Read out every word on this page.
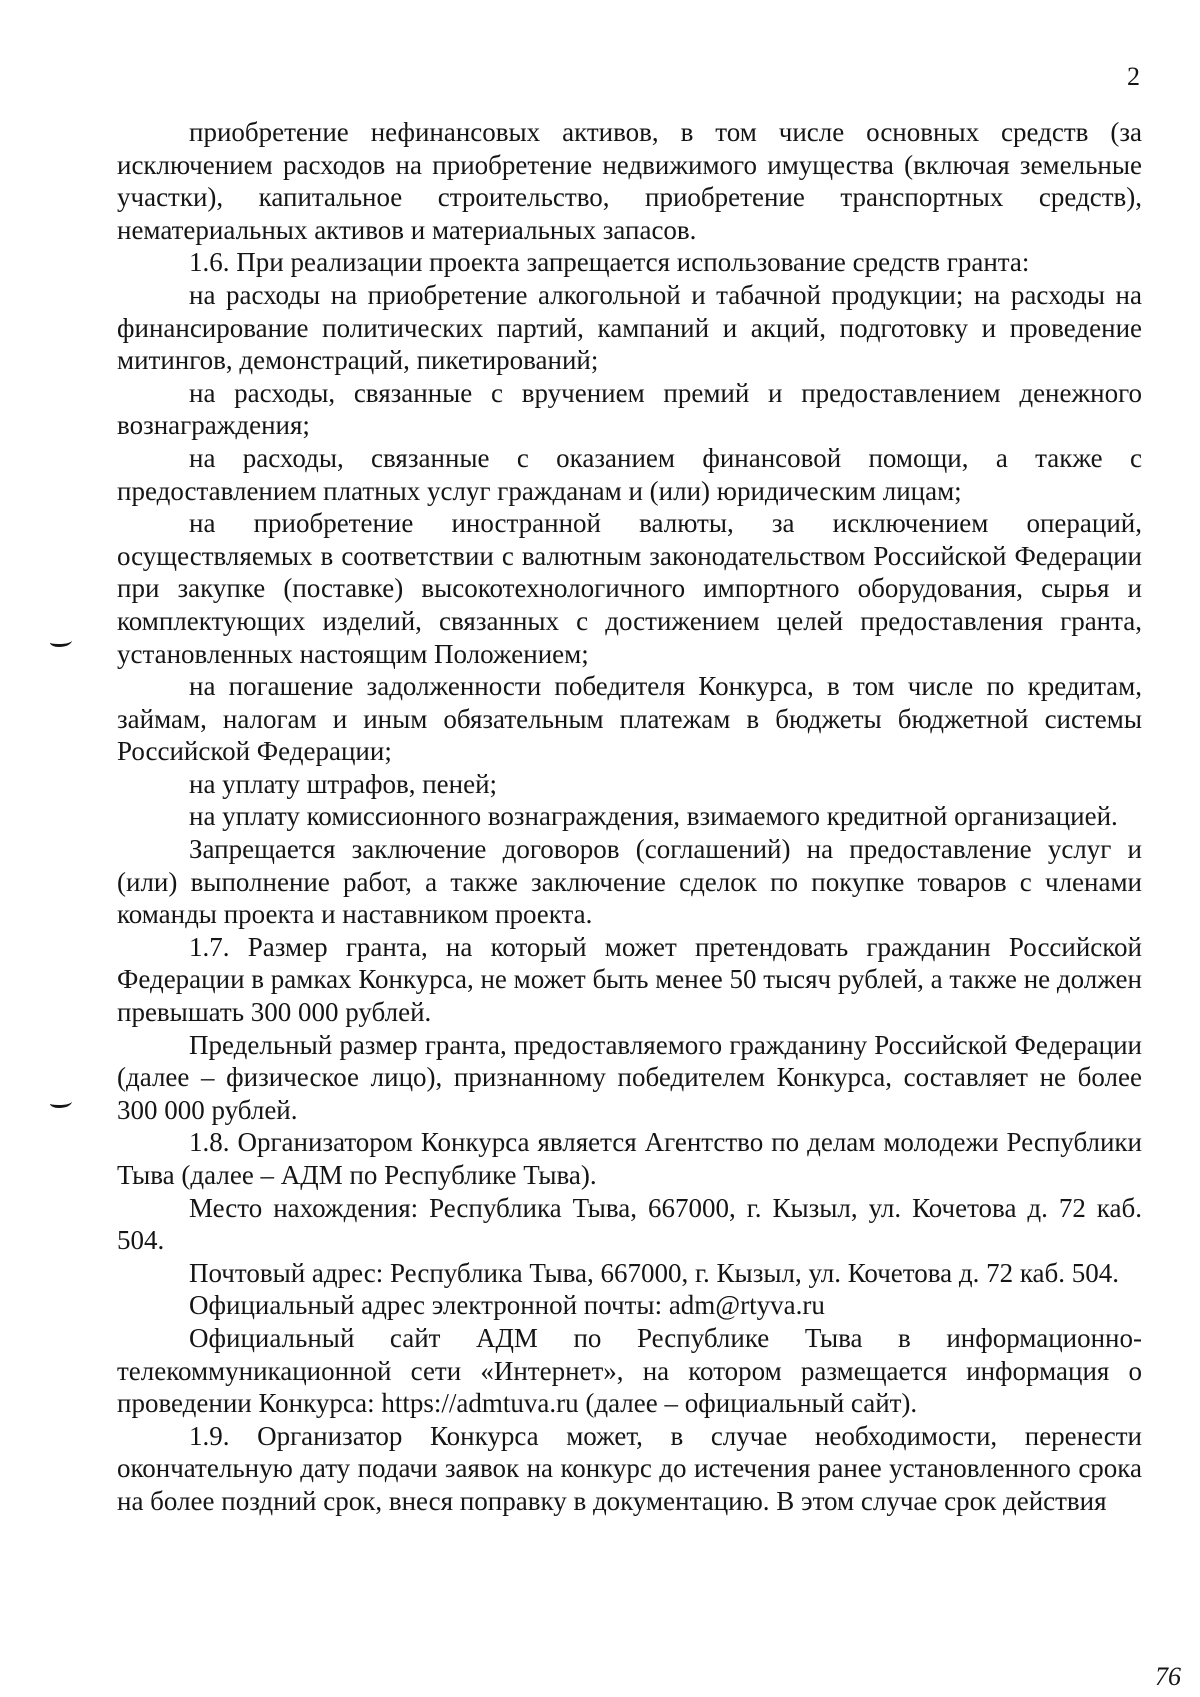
2

приобретение нефинансовых активов, в том числе основных средств (за исключением расходов на приобретение недвижимого имущества (включая земельные участки), капитальное строительство, приобретение транспортных средств), нематериальных активов и материальных запасов.

1.6. При реализации проекта запрещается использование средств гранта:

на расходы на приобретение алкогольной и табачной продукции; на расходы на финансирование политических партий, кампаний и акций, подготовку и проведение митингов, демонстраций, пикетирований;

на расходы, связанные с вручением премий и предоставлением денежного вознаграждения;

на расходы, связанные с оказанием финансовой помощи, а также с предоставлением платных услуг гражданам и (или) юридическим лицам;

на приобретение иностранной валюты, за исключением операций, осуществляемых в соответствии с валютным законодательством Российской Федерации при закупке (поставке) высокотехнологичного импортного оборудования, сырья и комплектующих изделий, связанных с достижением целей предоставления гранта, установленных настоящим Положением;

на погашение задолженности победителя Конкурса, в том числе по кредитам, займам, налогам и иным обязательным платежам в бюджеты бюджетной системы Российской Федерации;

на уплату штрафов, пеней;

на уплату комиссионного вознаграждения, взимаемого кредитной организацией.

Запрещается заключение договоров (соглашений) на предоставление услуг и (или) выполнение работ, а также заключение сделок по покупке товаров с членами команды проекта и наставником проекта.

1.7. Размер гранта, на который может претендовать гражданин Российской Федерации в рамках Конкурса, не может быть менее 50 тысяч рублей, а также не должен превышать 300 000 рублей.

Предельный размер гранта, предоставляемого гражданину Российской Федерации (далее – физическое лицо), признанному победителем Конкурса, составляет не более 300 000 рублей.

1.8. Организатором Конкурса является Агентство по делам молодежи Республики Тыва (далее – АДМ по Республике Тыва).

Место нахождения: Республика Тыва, 667000, г. Кызыл, ул. Кочетова д. 72 каб. 504.

Почтовый адрес: Республика Тыва, 667000, г. Кызыл, ул. Кочетова д. 72 каб. 504.

Официальный адрес электронной почты: adm@rtyva.ru

Официальный сайт АДМ по Республике Тыва в информационно-телекоммуникационной сети «Интернет», на котором размещается информация о проведении Конкурса: https://admtuva.ru (далее – официальный сайт).

1.9. Организатор Конкурса может, в случае необходимости, перенести окончательную дату подачи заявок на конкурс до истечения ранее установленного срока на более поздний срок, внеся поправку в документацию. В этом случае срок действия

76
